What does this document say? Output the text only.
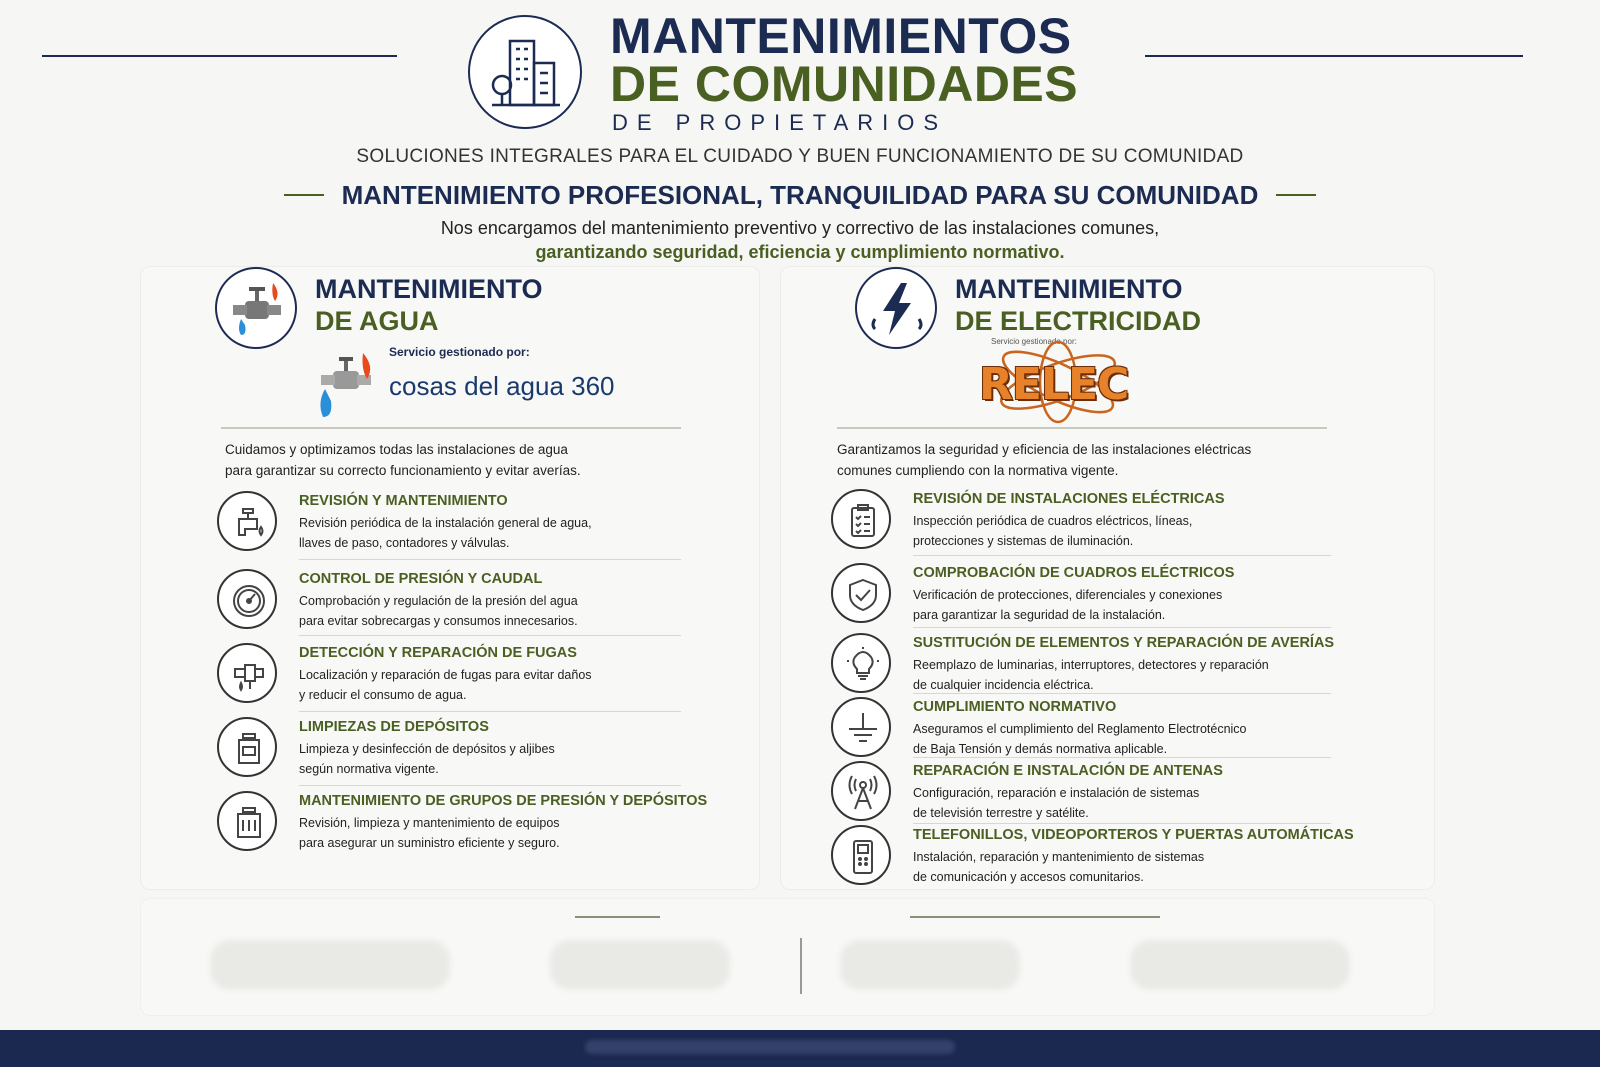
MANTENIMIENTOS
DE COMUNIDADES
DE PROPIETARIOS
SOLUCIONES INTEGRALES PARA EL CUIDADO Y BUEN FUNCIONAMIENTO DE SU COMUNIDAD
MANTENIMIENTO PROFESIONAL, TRANQUILIDAD PARA SU COMUNIDAD
Nos encargamos del mantenimiento preventivo y correctivo de las instalaciones comunes,
garantizando seguridad, eficiencia y cumplimiento normativo.
MANTENIMIENTO
DE AGUA
Servicio gestionado por:
cosas del agua 360
Cuidamos y optimizamos todas las instalaciones de agua
para garantizar su correcto funcionamiento y evitar averías.
REVISIÓN Y MANTENIMIENTO
Revisión periódica de la instalación general de agua,
llaves de paso, contadores y válvulas.
CONTROL DE PRESIÓN Y CAUDAL
Comprobación y regulación de la presión del agua
para evitar sobrecargas y consumos innecesarios.
DETECCIÓN Y REPARACIÓN DE FUGAS
Localización y reparación de fugas para evitar daños
y reducir el consumo de agua.
LIMPIEZAS DE DEPÓSITOS
Limpieza y desinfección de depósitos y aljibes
según normativa vigente.
MANTENIMIENTO DE GRUPOS DE PRESIÓN Y DEPÓSITOS
Revisión, limpieza y mantenimiento de equipos
para asegurar un suministro eficiente y seguro.
MANTENIMIENTO
DE ELECTRICIDAD
Servicio gestionado por:
RELEC
Garantizamos la seguridad y eficiencia de las instalaciones eléctricas
comunes cumpliendo con la normativa vigente.
REVISIÓN DE INSTALACIONES ELÉCTRICAS
Inspección periódica de cuadros eléctricos, líneas,
protecciones y sistemas de iluminación.
COMPROBACIÓN DE CUADROS ELÉCTRICOS
Verificación de protecciones, diferenciales y conexiones
para garantizar la seguridad de la instalación.
SUSTITUCIÓN DE ELEMENTOS Y REPARACIÓN DE AVERÍAS
Reemplazo de luminarias, interruptores, detectores y reparación
de cualquier incidencia eléctrica.
CUMPLIMIENTO NORMATIVO
Aseguramos el cumplimiento del Reglamento Electrotécnico
de Baja Tensión y demás normativa aplicable.
REPARACIÓN E INSTALACIÓN DE ANTENAS
Configuración, reparación e instalación de sistemas
de televisión terrestre y satélite.
TELEFONILLOS, VIDEOPORTEROS Y PUERTAS AUTOMÁTICAS
Instalación, reparación y mantenimiento de sistemas
de comunicación y accesos comunitarios.
